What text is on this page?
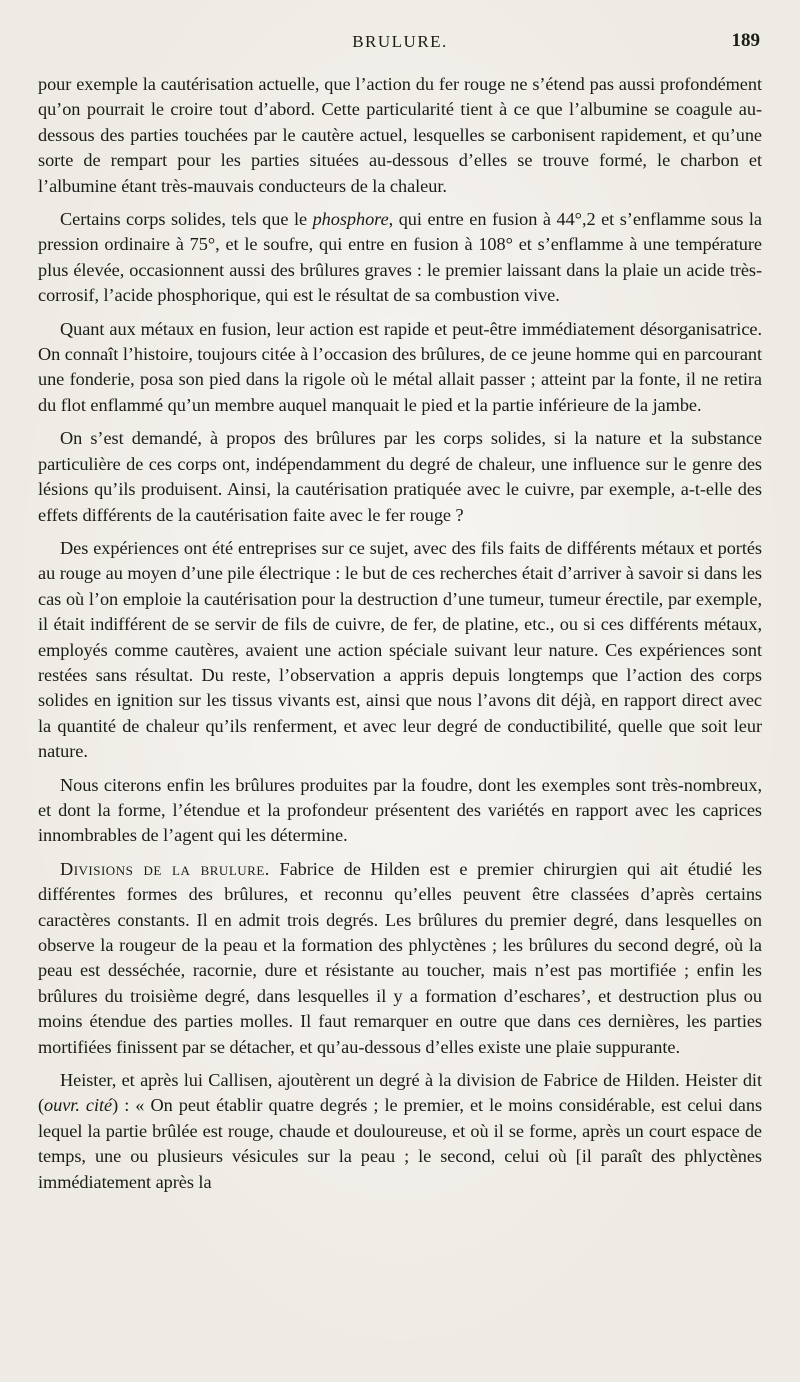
BRULURE.	189

pour exemple la cautérisation actuelle, que l’action du fer rouge ne s’étend pas aussi profondément qu’on pourrait le croire tout d’abord. Cette particularité tient à ce que l’albumine se coagule au-dessous des parties touchées par le cautère actuel, lesquelles se carbonisent rapidement, et qu’une sorte de rempart pour les parties situées au-dessous d’elles se trouve formé, le charbon et l’albumine étant très-mauvais conducteurs de la chaleur.

Certains corps solides, tels que le phosphore, qui entre en fusion à 44°,2 et s’enflamme sous la pression ordinaire à 75°, et le soufre, qui entre en fusion à 108° et s’enflamme à une température plus élevée, occasionnent aussi des brûlures graves : le premier laissant dans la plaie un acide très-corrosif, l’acide phosphorique, qui est le résultat de sa combustion vive.

Quant aux métaux en fusion, leur action est rapide et peut-être immédiatement désorganisatrice. On connaît l’histoire, toujours citée à l’occasion des brûlures, de ce jeune homme qui en parcourant une fonderie, posa son pied dans la rigole où le métal allait passer ; atteint par la fonte, il ne retira du flot enflammé qu’un membre auquel manquait le pied et la partie inférieure de la jambe.

On s’est demandé, à propos des brûlures par les corps solides, si la nature et la substance particulière de ces corps ont, indépendamment du degré de chaleur, une influence sur le genre des lésions qu’ils produisent. Ainsi, la cautérisation pratiquée avec le cuivre, par exemple, a-t-elle des effets différents de la cautérisation faite avec le fer rouge ?

Des expériences ont été entreprises sur ce sujet, avec des fils faits de différents métaux et portés au rouge au moyen d’une pile électrique : le but de ces recherches était d’arriver à savoir si dans les cas où l’on emploie la cautérisation pour la destruction d’une tumeur, tumeur érectile, par exemple, il était indifférent de se servir de fils de cuivre, de fer, de platine, etc., ou si ces différents métaux, employés comme cautères, avaient une action spéciale suivant leur nature. Ces expériences sont restées sans résultat. Du reste, l’observation a appris depuis longtemps que l’action des corps solides en ignition sur les tissus vivants est, ainsi que nous l’avons dit déjà, en rapport direct avec la quantité de chaleur qu’ils renferment, et avec leur degré de conductibilité, quelle que soit leur nature.

Nous citerons enfin les brûlures produites par la foudre, dont les exemples sont très-nombreux, et dont la forme, l’étendue et la profondeur présentent des variétés en rapport avec les caprices innombrables de l’agent qui les détermine.

Divisions de la brulure. Fabrice de Hilden est e premier chirurgien qui ait étudié les différentes formes des brûlures, et reconnu qu’elles peuvent être classées d’après certains caractères constants. Il en admit trois degrés. Les brûlures du premier degré, dans lesquelles on observe la rougeur de la peau et la formation des phlyctènes ; les brûlures du second degré, où la peau est desséchée, racornie, dure et résistante au toucher, mais n’est pas mortifiée ; enfin les brûlures du troisième degré, dans lesquelles il y a formation d’eschares’, et destruction plus ou moins étendue des parties molles. Il faut remarquer en outre que dans ces dernières, les parties mortifiées finissent par se détacher, et qu’au-dessous d’elles existe une plaie suppurante.

Heister, et après lui Callisen, ajoutèrent un degré à la division de Fabrice de Hilden. Heister dit (ouvr. cité) : « On peut établir quatre degrés ; le premier, et le moins considérable, est celui dans lequel la partie brûlée est rouge, chaude et douloureuse, et où il se forme, après un court espace de temps, une ou plusieurs vésicules sur la peau ; le second, celui où [il paraît des phlyctènes immédiatement après la
